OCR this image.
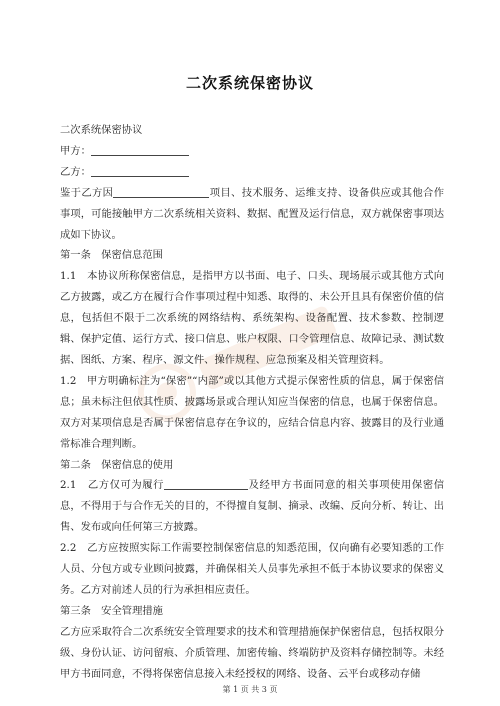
二次系统保密协议

二次系统保密协议

甲方：

乙方：

鉴于乙方因	项目、技术服务、运维支持、设备供应或其他合作事项，可能接触甲方二次系统相关资料、数据、配置及运行信息，双方就保密事项达成如下协议。

第一条　保密信息范围

1.1　本协议所称保密信息，是指甲方以书面、电子、口头、现场展示或其他方式向乙方披露，或乙方在履行合作事项过程中知悉、取得的、未公开且具有保密价值的信息，包括但不限于二次系统的网络结构、系统架构、设备配置、技术参数、控制逻辑、保护定值、运行方式、接口信息、账户权限、口令管理信息、故障记录、测试数据、图纸、方案、程序、源文件、操作规程、应急预案及相关管理资料。

1.2　甲方明确标注为“保密”“内部”或以其他方式提示保密性质的信息，属于保密信息；虽未标注但依其性质、披露场景或合理认知应当保密的信息，也属于保密信息。双方对某项信息是否属于保密信息存在争议的，应结合信息内容、披露目的及行业通常标准合理判断。

第二条　保密信息的使用

2.1　乙方仅可为履行	及经甲方书面同意的相关事项使用保密信息，不得用于与合作无关的目的，不得擅自复制、摘录、改编、反向分析、转让、出售、发布或向任何第三方披露。

2.2　乙方应按照实际工作需要控制保密信息的知悉范围，仅向确有必要知悉的工作人员、分包方或专业顾问披露，并确保相关人员事先承担不低于本协议要求的保密义务。乙方对前述人员的行为承担相应责任。

第三条　安全管理措施

乙方应采取符合二次系统安全管理要求的技术和管理措施保护保密信息，包括权限分级、身份认证、访问留痕、介质管理、加密传输、终端防护及资料存储控制等。未经甲方书面同意，不得将保密信息接入未经授权的网络、设备、云平台或移动存储

第 1 页 共 3 页
